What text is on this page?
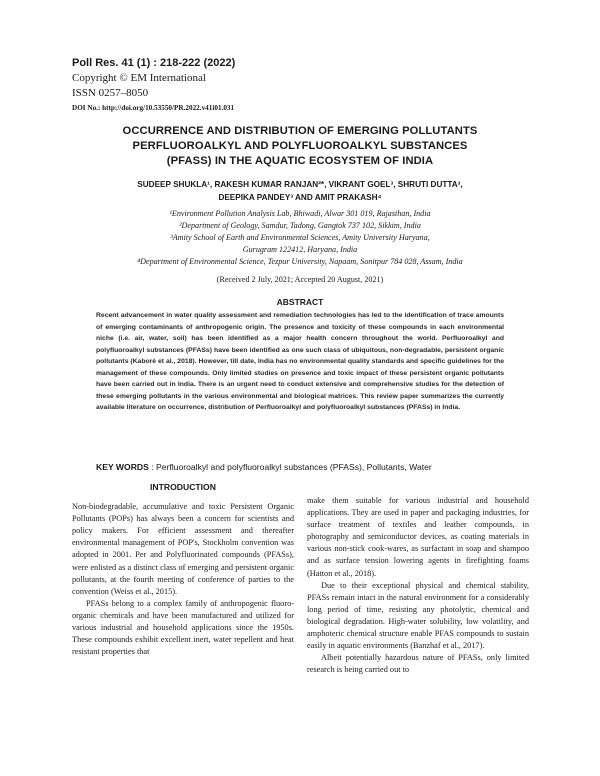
Poll Res. 41 (1) : 218-222 (2022)
Copyright © EM International
ISSN 0257–8050
DOI No.: http://doi.org/10.53550/PR.2022.v41i01.031
OCCURRENCE AND DISTRIBUTION OF EMERGING POLLUTANTS
PERFLUOROALKYL AND POLYFLUOROALKYL SUBSTANCES
(PFASS) IN THE AQUATIC ECOSYSTEM OF INDIA
SUDEEP SHUKLA¹, RAKESH KUMAR RANJAN²*, VIKRANT GOEL³, SHRUTI DUTTA³,
DEEPIKA PANDEY³ AND AMIT PRAKASH⁴
¹Environment Pollution Analysis Lab, Bhiwadi, Alwar 301 019, Rajasthan, India
²Department of Geology, Samdur, Tadong, Gangtok 737 102, Sikkim, India
³Amity School of Earth and Environmental Sciences, Amity University Haryana,
Gurugram 122412, Haryana, India
⁴Department of Environmental Science, Tezpur University, Napaam, Sonitpur 784 028, Assam, India
(Received 2 July, 2021; Accepted 20 August, 2021)
ABSTRACT
Recent advancement in water quality assessment and remediation technologies has led to the identification of trace amounts of emerging contaminants of anthropogenic origin. The presence and toxicity of these compounds in each environmental niche (i.e. air, water, soil) has been identified as a major health concern throughout the world. Perfluoroalkyl and polyfluoroalkyl substances (PFASs) have been identified as one such class of ubiquitous, non-degradable, persistent organic pollutants (Kaboré et al., 2018). However, till date, India has no environmental quality standards and specific guidelines for the management of these compounds. Only limited studies on presence and toxic impact of these persistent organic pollutants have been carried out in India. There is an urgent need to conduct extensive and comprehensive studies for the detection of these emerging pollutants in the various environmental and biological matrices. This review paper summarizes the currently available literature on occurrence, distribution of Perfluoroalkyl and polyfluoroalkyl substances (PFASs) in India.
KEY WORDS : Perfluoroalkyl and polyfluoroalkyl substances (PFASs), Pollutants, Water
INTRODUCTION

Non-biodegradable, accumulative and toxic Persistent Organic Pollutants (POPs) has always been a concern for scientists and policy makers. For efficient assessment and thereafter environmental management of POP's, Stockholm convention was adopted in 2001. Per and Polyfluorinated compounds (PFASs), were enlisted as a distinct class of emerging and persistent organic pollutants, at the fourth meeting of conference of parties to the convention (Weiss et al., 2015).

PFASs belong to a complex family of anthropogenic fluoro-organic chemicals and have been manufactured and utilized for various industrial and household applications since the 1950s. These compounds exhibit excellent inert, water repellent and heat resistant properties that

make them suitable for various industrial and household applications. They are used in paper and packaging industries, for surface treatment of textiles and leather compounds, in photography and semiconductor devices, as coating materials in various non-stick cook-wares, as surfactant in soap and shampoo and as surface tension lowering agents in firefighting foams (Hatton et al., 2018).

Due to their exceptional physical and chemical stability, PFASs remain intact in the natural environment for a considerably long period of time, resisting any photolytic, chemical and biological degradation. High-water solubility, low volatility, and amphoteric chemical structure enable PFAS compounds to sustain easily in aquatic environments (Banzhaf et al., 2017).

Albeit potentially hazardous nature of PFASs, only limited research is being carried out to
